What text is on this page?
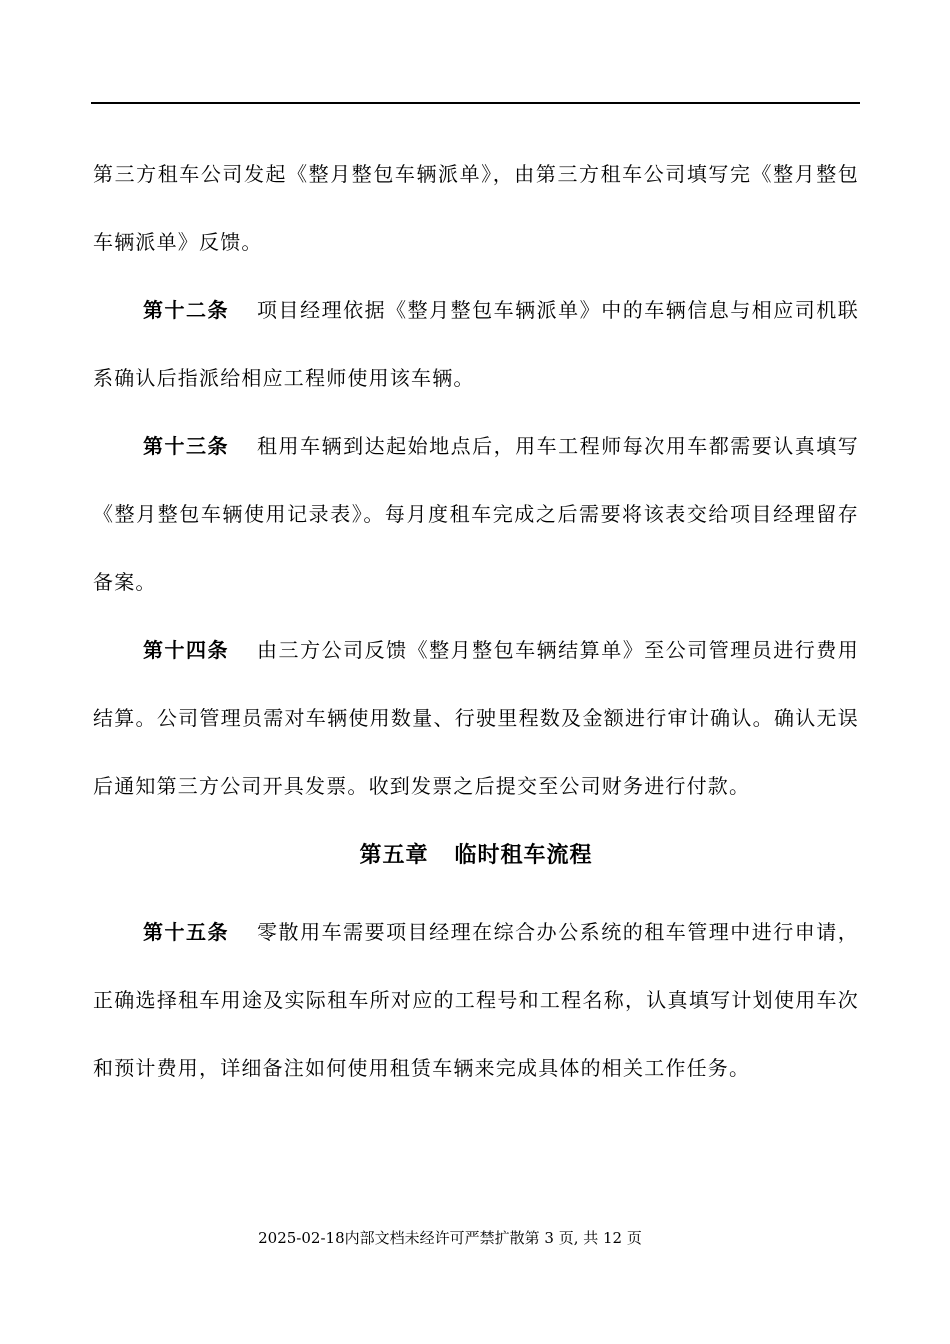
第三方租车公司发起《整月整包车辆派单》，由第三方租车公司填写完《整月整包车辆派单》反馈。

第十二条 项目经理依据《整月整包车辆派单》中的车辆信息与相应司机联系确认后指派给相应工程师使用该车辆。

第十三条 租用车辆到达起始地点后，用车工程师每次用车都需要认真填写《整月整包车辆使用记录表》。每月度租车完成之后需要将该表交给项目经理留存备案。

第十四条 由三方公司反馈《整月整包车辆结算单》至公司管理员进行费用结算。公司管理员需对车辆使用数量、行驶里程数及金额进行审计确认。确认无误后通知第三方公司开具发票。收到发票之后提交至公司财务进行付款。

第五章 临时租车流程

第十五条 零散用车需要项目经理在综合办公系统的租车管理中进行申请，正确选择租车用途及实际租车所对应的工程号和工程名称，认真填写计划使用车次和预计费用，详细备注如何使用租赁车辆来完成具体的相关工作任务。

2025-02-18内部文档未经许可严禁扩散第 3 页, 共 12 页
